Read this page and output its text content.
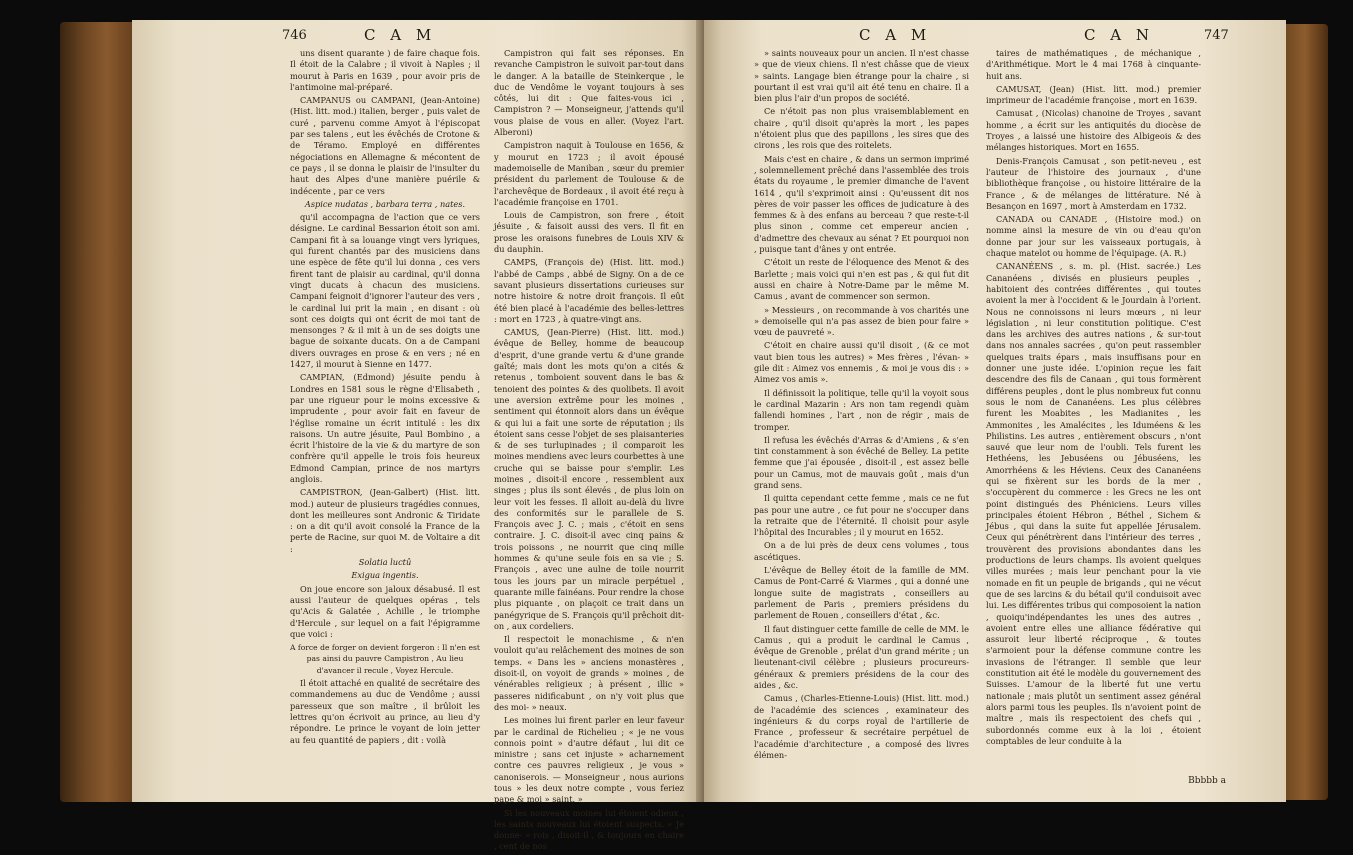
746	C A M

uns disent quarante ) de faire chaque fois. Il étoit de la Calabre ; il vivoit à Naples ; il mourut à Paris en 1639 , pour avoir pris de l'antimoine mal-préparé.

CAMPANUS ou CAMPANI, (Jean-Antoine) (Hist. litt. mod.) italien, berger , puis valet de curé , parvenu comme Amyot à l'épiscopat par ses talens , eut les évêchés de Crotone & de Téramo. Employé en différentes négociations en Allemagne & mécontent de ce pays , il se donna le plaisir de l'insulter du haut des Alpes d'une manière puérile & indécente , par ce vers

Aspice nudatas , barbara terra , nates.

qu'il accompagna de l'action que ce vers désigne. Le cardinal Bessarion étoit son ami. Campani fit à sa louange vingt vers lyriques, qui furent chantés par des musiciens dans une espèce de fête qu'il lui donna , ces vers firent tant de plaisir au cardinal, qu'il donna vingt ducats à chacun des musiciens. Campani feignoit d'ignorer l'auteur des vers , le cardinal lui prit la main , en disant : où sont ces doigts qui ont écrit de moi tant de mensonges ? & il mit à un de ses doigts une bague de soixante ducats. On a de Campani divers ouvrages en prose & en vers ; né en 1427, il mourut à Sienne en 1477.

CAMPIAN, (Edmond) jésuite pendu à Londres en 1581 sous le règne d'Elisabeth , par une rigueur pour le moins excessive & imprudente , pour avoir fait en faveur de l'église romaine un écrit intitulé : les dix raisons. Un autre jésuite, Paul Bombino , a écrit l'histoire de la vie & du martyre de son confrère qu'il appelle le trois fois heureux Edmond Campian, prince de nos martyrs anglois.

CAMPISTRON, (Jean-Galbert) (Hist. litt. mod.) auteur de plusieurs tragédies connues, dont les meilleures sont Andronic & Tiridate : on a dit qu'il avoit consolé la France de la perte de Racine, sur quoi M. de Voltaire a dit :

Solatia luctû

Exigua ingentis.

On joue encore son jaloux désabusé. Il est aussi l'auteur de quelques opéras , tels qu'Acis & Galatée , Achille , le triomphe d'Hercule , sur lequel on a fait l'épigramme que voici :

A force de forger on devient forgeron : Il n'en est pas ainsi du pauvre Campistron , Au lieu d'avancer il recule , Voyez Hercule.

Il étoit attaché en qualité de secrétaire des commandemens au duc de Vendôme ; aussi paresseux que son maître , il brûloit les lettres qu'on écrivoit au prince, au lieu d'y répondre. Le prince le voyant de loin jetter au feu quantité de papiers , dit : voilà

Campistron qui fait ses réponses. En revanche Campistron le suivoit par-tout dans le danger. A la bataille de Steinkerque , le duc de Vendôme le voyant toujours à ses côtés, lui dit : Que faites-vous ici , Campistron ? — Monseigneur, j'attends qu'il vous plaise de vous en aller. (Voyez l'art. Alberoni)

Campistron naquit à Toulouse en 1656, & y mourut en 1723 ; il avoit épousé mademoiselle de Maniban , sœur du premier président du parlement de Toulouse & de l'archevêque de Bordeaux , il avoit été reçu à l'académie françoise en 1701.

Louis de Campistron, son frere , étoit jésuite , & faisoit aussi des vers. Il fit en prose les oraisons funebres de Louis XIV & du dauphin.

CAMPS, (François de) (Hist. litt. mod.) l'abbé de Camps , abbé de Signy. On a de ce savant plusieurs dissertations curieuses sur notre histoire & notre droit françois. Il eût été bien placé à l'académie des belles-lettres : mort en 1723 , à quatre-vingt ans.

CAMUS, (Jean-Pierre) (Hist. litt. mod.) évêque de Belley, homme de beaucoup d'esprit, d'une grande vertu & d'une grande gaîté; mais dont les mots qu'on a cités & retenus , tomboient souvent dans le bas & tenoient des pointes & des quolibets. Il avoit une aversion extrême pour les moines , sentiment qui étonnoit alors dans un évêque & qui lui a fait une sorte de réputation ; ils étoient sans cesse l'objet de ses plaisanteries & de ses turlupinades ; il comparoit les moines mendiens avec leurs courbettes à une cruche qui se baisse pour s'emplir. Les moines , disoit-il encore , ressemblent aux singes ; plus ils sont élevés , de plus loin on leur voit les fesses. Il alloit au-delà du livre des conformités sur le parallele de S. François avec J. C. ; mais , c'étoit en sens contraire. J. C. disoit-il avec cinq pains & trois poissons , ne nourrit que cinq mille hommes & qu'une seule fois en sa vie ; S. François , avec une aulne de toile nourrit tous les jours par un miracle perpétuel , quarante mille fainéans. Pour rendre la chose plus piquante , on plaçoit ce trait dans un panégyrique de S. François qu'il prêchoit dit-on , aux cordeliers.

Il respectoit le monachisme , & n'en vouloit qu'au relâchement des moines de son temps. « Dans les » anciens monastères , disoit-il, on voyoit de grands » moines , de vénérables religieux ; à présent , illic » passeres nidificabunt , on n'y voit plus que des moi- » neaux.

Les moines lui firent parler en leur faveur par le cardinal de Richelieu ; « je ne vous connois point » d'autre défaut , lui dit ce ministre ; sans cet injuste » acharnement contre ces pauvres religieux , je vous » canoniserois. — Monseigneur , nous aurions tous » les deux notre compte , vous feriez pape & moi » saint. »

Si les nouveaux moines lui étoient odieux , les saints nouveaux lui étoient suspects. « Je donne- » rois , disoit-il , & toujours en chaire , cent de nos

C A M	C A N	747

» saints nouveaux pour un ancien. Il n'est chasse » que de vieux chiens. Il n'est châsse que de vieux » saints. Langage bien étrange pour la chaire , si pourtant il est vrai qu'il ait été tenu en chaire. Il a bien plus l'air d'un propos de société.

Ce n'étoit pas non plus vraisemblablement en chaire , qu'il disoit qu'après la mort , les papes n'étoient plus que des papillons , les sires que des cirons , les rois que des roitelets.

Mais c'est en chaire , & dans un sermon imprimé , solemnellement prêché dans l'assemblée des trois états du royaume , le premier dimanche de l'avent 1614 , qu'il s'exprimoit ainsi : Qu'eussent dit nos pères de voir passer les offices de judicature à des femmes & à des enfans au berceau ? que reste-t-il plus sinon , comme cet empereur ancien , d'admettre des chevaux au sénat ? Et pourquoi non , puisque tant d'ânes y ont entrée.

C'étoit un reste de l'éloquence des Menot & des Barlette ; mais voici qui n'en est pas , & qui fut dit aussi en chaire à Notre-Dame par le même M. Camus , avant de commencer son sermon.

» Messieurs , on recommande à vos charités une » demoiselle qui n'a pas assez de bien pour faire » vœu de pauvreté ».

C'étoit en chaire aussi qu'il disoit , (& ce mot vaut bien tous les autres) » Mes frères , l'évan- » gile dit : Aimez vos ennemis , & moi je vous dis : » Aimez vos amis ».

Il définissoit la politique, telle qu'il la voyoit sous le cardinal Mazarin : Ars non tam regendi quàm fallendi homines , l'art , non de régir , mais de tromper.

Il refusa les évêchés d'Arras & d'Amiens , & s'en tint constamment à son évêché de Belley. La petite femme que j'ai épousée , disoit-il , est assez belle pour un Camus, mot de mauvais goût , mais d'un grand sens.

Il quitta cependant cette femme , mais ce ne fut pas pour une autre , ce fut pour ne s'occuper dans la retraite que de l'éternité. Il choisit pour asyle l'hôpital des Incurables ; il y mourut en 1652.

On a de lui près de deux cens volumes , tous ascétiques.

L'évêque de Belley étoit de la famille de MM. Camus de Pont-Carré & Viarmes , qui a donné une longue suite de magistrats , conseillers au parlement de Paris , premiers présidens du parlement de Rouen , conseillers d'état , &c.

Il faut distinguer cette famille de celle de MM. le Camus , qui a produit le cardinal le Camus , évêque de Grenoble , prélat d'un grand mérite ; un lieutenant-civil célèbre ; plusieurs procureurs-généraux & premiers présidens de la cour des aides , &c.

Camus , (Charles-Etienne-Louis) (Hist. litt. mod.) de l'académie des sciences , examinateur des ingénieurs & du corps royal de l'artillerie de France , professeur & secrétaire perpétuel de l'académie d'architecture , a composé des livres élémen-

taires de mathématiques , de méchanique , d'Arithmétique. Mort le 4 mai 1768 à cinquante-huit ans.

CAMUSAT, (Jean) (Hist. litt. mod.) premier imprimeur de l'académie françoise , mort en 1639.

Camusat , (Nicolas) chanoine de Troyes , savant homme , a écrit sur les antiquités du diocèse de Troyes , a laissé une histoire des Albigeois & des mélanges historiques. Mort en 1655.

Denis-François Camusat , son petit-neveu , est l'auteur de l'histoire des journaux , d'une bibliothèque françoise , ou histoire littéraire de la France , & de mélanges de littérature. Né à Besançon en 1697 , mort à Amsterdam en 1732.

CANADA ou CANADE , (Histoire mod.) on nomme ainsi la mesure de vin ou d'eau qu'on donne par jour sur les vaisseaux portugais, à chaque matelot ou homme de l'équipage. (A. R.)

CANANÉENS , s. m. pl. (Hist. sacrée.) Les Cananéens , divisés en plusieurs peuples , habitoient des contrées différentes , qui toutes avoient la mer à l'occident & le Jourdain à l'orient. Nous ne connoissons ni leurs mœurs , ni leur législation , ni leur constitution politique. C'est dans les archives des autres nations , & sur-tout dans nos annales sacrées , qu'on peut rassembler quelques traits épars , mais insuffisans pour en donner une juste idée. L'opinion reçue les fait descendre des fils de Canaan , qui tous formèrent différens peuples , dont le plus nombreux fut connu sous le nom de Cananéens. Les plus célèbres furent les Moabites , les Madianites , les Ammonites , les Amalécites , les Iduméens & les Philistins. Les autres , entièrement obscurs , n'ont sauvé que leur nom de l'oubli. Tels furent les Hethéens, les Jebuséens ou Jébuséens, les Amorrhéens & les Héviens. Ceux des Cananéens qui se fixèrent sur les bords de la mer , s'occupèrent du commerce : les Grecs ne les ont point distingués des Phéniciens. Leurs villes principales étoient Hébron , Béthel , Sichem & Jébus , qui dans la suite fut appellée Jérusalem. Ceux qui pénétrèrent dans l'intérieur des terres , trouvèrent des provisions abondantes dans les productions de leurs champs. Ils avoient quelques villes murées ; mais leur penchant pour la vie nomade en fit un peuple de brigands , qui ne vécut que de ses larcins & du bétail qu'il conduisoit avec lui. Les différentes tribus qui composoient la nation , quoiqu'indépendantes les unes des autres , avoient entre elles une alliance fédérative qui assuroit leur liberté réciproque , & toutes s'armoient pour la défense commune contre les invasions de l'étranger. Il semble que leur constitution ait été le modèle du gouvernement des Suisses. L'amour de la liberté fut une vertu nationale ; mais plutôt un sentiment assez général alors parmi tous les peuples. Ils n'avoient point de maître , mais ils respectoient des chefs qui , subordonnés comme eux à la loi , étoient comptables de leur conduite à la

Bbbbb a
